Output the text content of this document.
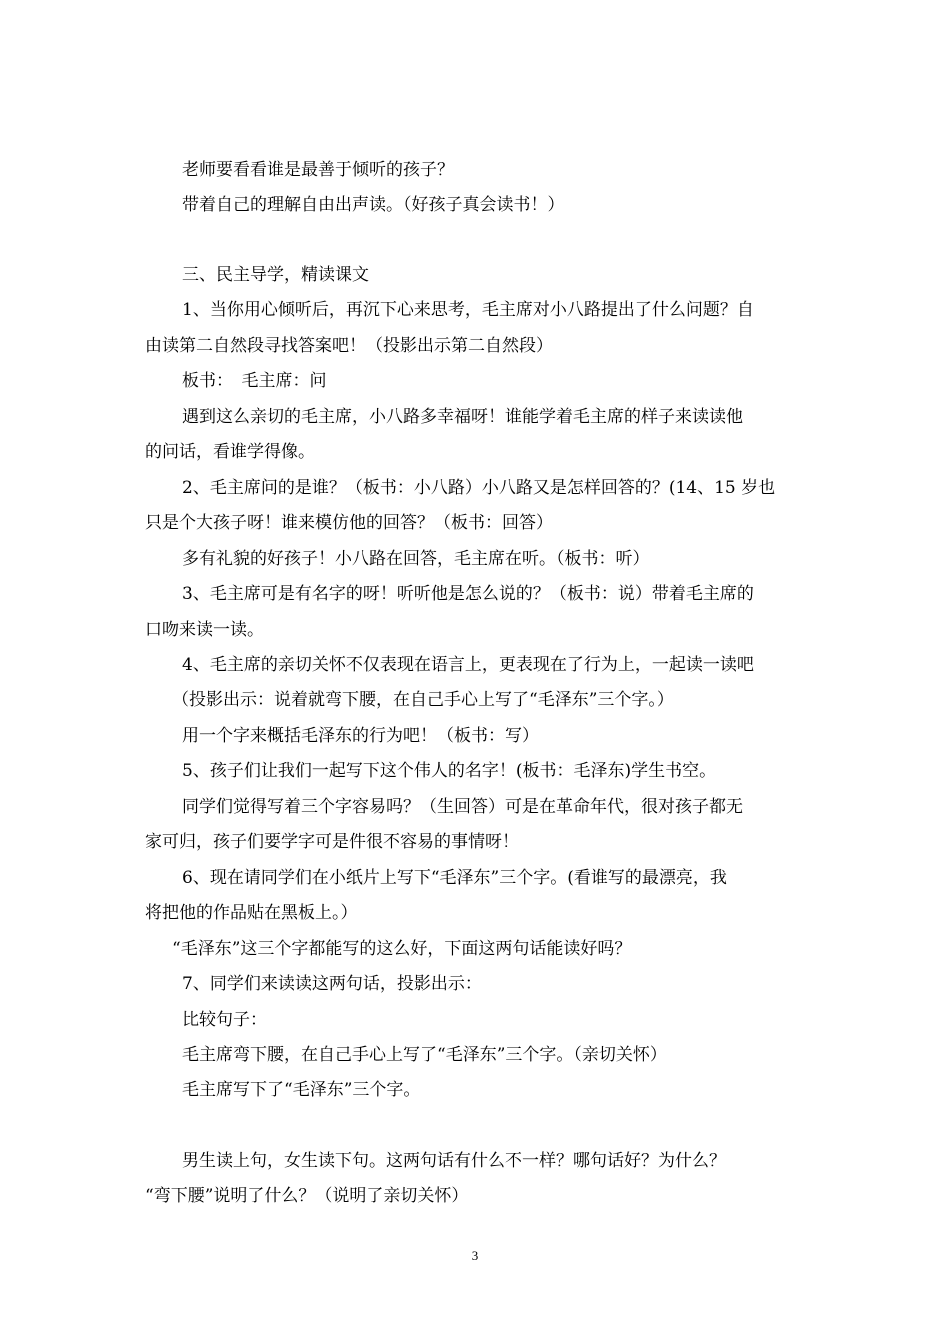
老师要看看谁是最善于倾听的孩子？
带着自己的理解自由出声读。（好孩子真会读书！）
三、民主导学，精读课文
1、当你用心倾听后，再沉下心来思考，毛主席对小八路提出了什么问题？自
由读第二自然段寻找答案吧！（投影出示第二自然段）
板书：　毛主席：问
遇到这么亲切的毛主席，小八路多幸福呀！谁能学着毛主席的样子来读读他
的问话，看谁学得像。
2、毛主席问的是谁？（板书：小八路）小八路又是怎样回答的？(14、15 岁也
只是个大孩子呀！谁来模仿他的回答？（板书：回答）
多有礼貌的好孩子！小八路在回答，毛主席在听。（板书：听）
3、毛主席可是有名字的呀！听听他是怎么说的？（板书：说）带着毛主席的
口吻来读一读。
4、毛主席的亲切关怀不仅表现在语言上，更表现在了行为上，一起读一读吧
（投影出示：说着就弯下腰，在自己手心上写了“毛泽东”三个字。）
用一个字来概括毛泽东的行为吧！（板书：写）
5、孩子们让我们一起写下这个伟人的名字！(板书：毛泽东)学生书空。
同学们觉得写着三个字容易吗？（生回答）可是在革命年代，很对孩子都无
家可归，孩子们要学字可是件很不容易的事情呀！
6、现在请同学们在小纸片上写下“毛泽东”三个字。(看谁写的最漂亮，我
将把他的作品贴在黑板上。）
“毛泽东”这三个字都能写的这么好，下面这两句话能读好吗？
7、同学们来读读这两句话，投影出示：
比较句子：
毛主席弯下腰，在自己手心上写了“毛泽东”三个字。（亲切关怀）
毛主席写下了“毛泽东”三个字。
男生读上句，女生读下句。这两句话有什么不一样？哪句话好？为什么？
“弯下腰”说明了什么？（说明了亲切关怀）
3
